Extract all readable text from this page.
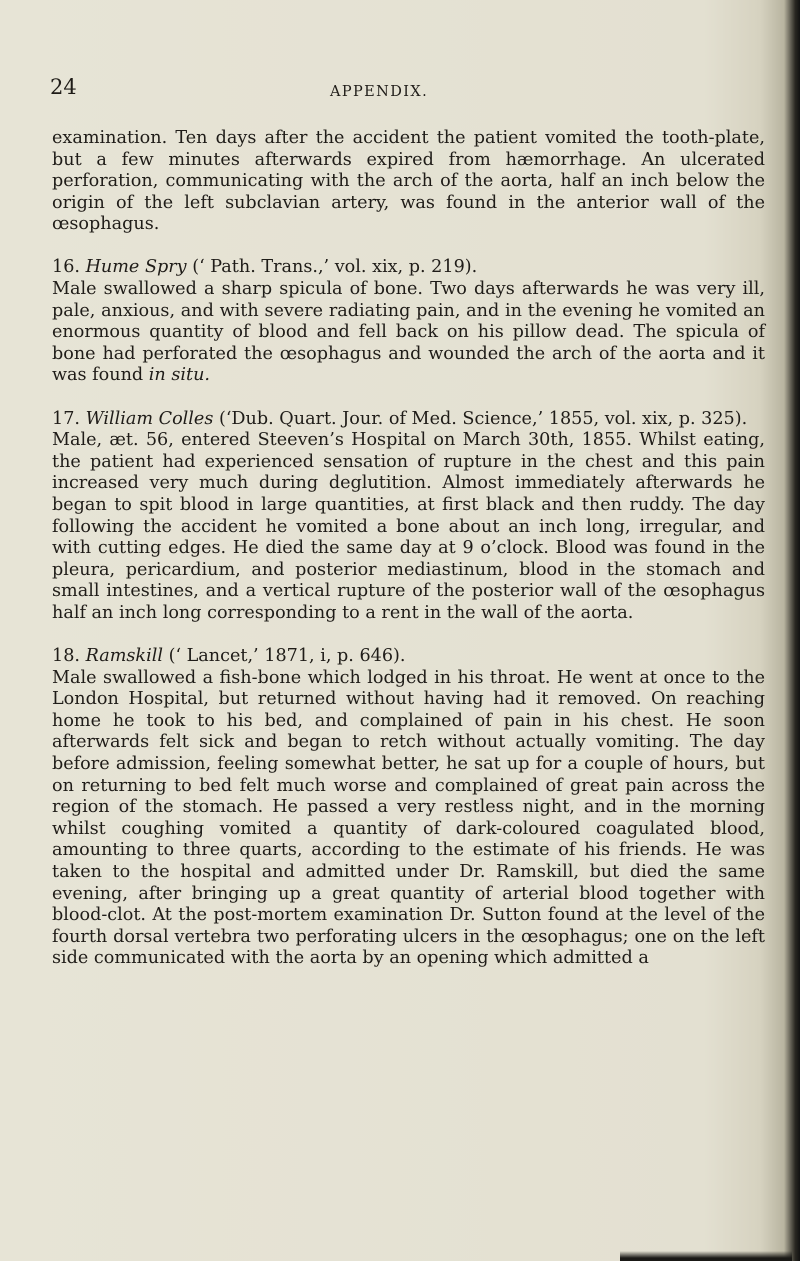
24	APPENDIX.

examination. Ten days after the accident the patient vomited the tooth-plate, but a few minutes afterwards expired from hæmorrhage. An ulcerated perforation, communicating with the arch of the aorta, half an inch below the origin of the left subclavian artery, was found in the anterior wall of the œsophagus.

16. Hume Spry (‘ Path. Trans.,’ vol. xix, p. 219).

Male swallowed a sharp spicula of bone. Two days afterwards he was very ill, pale, anxious, and with severe radiating pain, and in the evening he vomited an enormous quantity of blood and fell back on his pillow dead. The spicula of bone had perforated the œsophagus and wounded the arch of the aorta and it was found in situ.

17. William Colles (‘Dub. Quart. Jour. of Med. Science,’ 1855, vol. xix, p. 325).

Male, æt. 56, entered Steeven’s Hospital on March 30th, 1855. Whilst eating, the patient had experienced sensation of rupture in the chest and this pain increased very much during deglutition. Almost immediately afterwards he began to spit blood in large quantities, at first black and then ruddy. The day following the accident he vomited a bone about an inch long, irregular, and with cutting edges. He died the same day at 9 o’clock. Blood was found in the pleura, pericardium, and posterior mediastinum, blood in the stomach and small intestines, and a vertical rupture of the posterior wall of the œsophagus half an inch long corresponding to a rent in the wall of the aorta.

18. Ramskill (‘ Lancet,’ 1871, i, p. 646).

Male swallowed a fish-bone which lodged in his throat. He went at once to the London Hospital, but returned without having had it removed. On reaching home he took to his bed, and complained of pain in his chest. He soon afterwards felt sick and began to retch without actually vomiting. The day before admission, feeling somewhat better, he sat up for a couple of hours, but on returning to bed felt much worse and complained of great pain across the region of the stomach. He passed a very restless night, and in the morning whilst coughing vomited a quantity of dark-coloured coagulated blood, amounting to three quarts, according to the estimate of his friends. He was taken to the hospital and admitted under Dr. Ramskill, but died the same evening, after bringing up a great quantity of arterial blood together with blood-clot. At the post-mortem examination Dr. Sutton found at the level of the fourth dorsal vertebra two perforating ulcers in the œsophagus; one on the left side communicated with the aorta by an opening which admitted a
